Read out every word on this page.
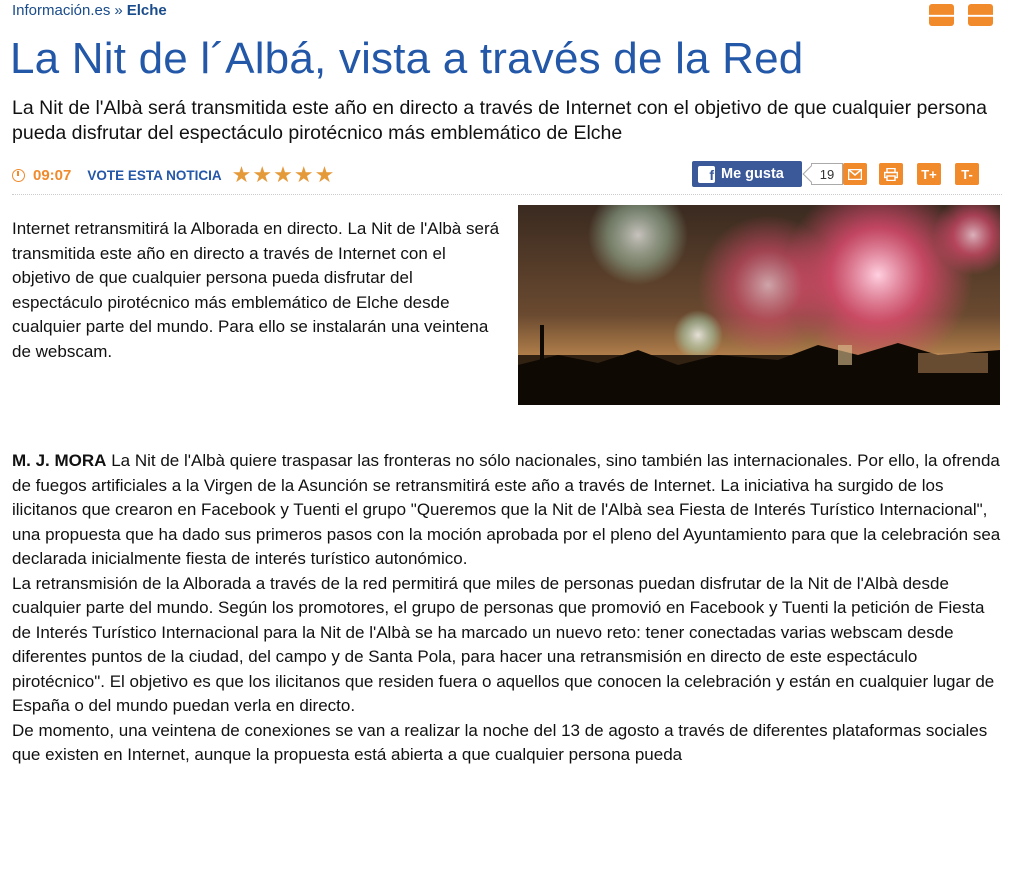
Información.es » Elche	🡐
🡒
La Nit de l´Albá, vista a través de la Red
La Nit de l'Albà será transmitida este año en directo a través de Internet con el objetivo de que cualquier persona pueda disfrutar del espectáculo pirotécnico más emblemático de Elche
09:07 VOTE ESTA NOTICIA ★ ★ ★ ★ ★	f Me gusta	19	T+	T-
Internet retransmitirá la Alborada en directo. La Nit de l'Albà será transmitida este año en directo a través de Internet con el objetivo de que cualquier persona pueda disfrutar del espectáculo pirotécnico más emblemático de Elche desde cualquier parte del mundo. Para ello se instalarán una veintena de webscam.

M. J. MORA La Nit de l'Albà quiere traspasar las fronteras no sólo nacionales, sino también las internacionales. Por ello, la ofrenda de fuegos artificiales a la Virgen de la Asunción se retransmitirá este año a través de Internet. La iniciativa ha surgido de los ilicitanos que crearon en Facebook y Tuenti el grupo "Queremos que la Nit de l'Albà sea Fiesta de Interés Turístico Internacional", una propuesta que ha dado sus primeros pasos con la moción aprobada por el pleno del Ayuntamiento para que la celebración sea declarada inicialmente fiesta de interés turístico autonómico.

La retransmisión de la Alborada a través de la red permitirá que miles de personas puedan disfrutar de la Nit de l'Albà desde cualquier parte del mundo. Según los promotores, el grupo de personas que promovió en Facebook y Tuenti la petición de Fiesta de Interés Turístico Internacional para la Nit de l'Albà se ha marcado un nuevo reto: tener conectadas varias webscam desde diferentes puntos de la ciudad, del campo y de Santa Pola, para hacer una retransmisión en directo de este espectáculo pirotécnico". El objetivo es que los ilicitanos que residen fuera o aquellos que conocen la celebración y están en cualquier lugar de España o del mundo puedan verla en directo.

De momento, una veintena de conexiones se van a realizar la noche del 13 de agosto a través de diferentes plataformas sociales que existen en Internet, aunque la propuesta está abierta a que cualquier persona pueda
